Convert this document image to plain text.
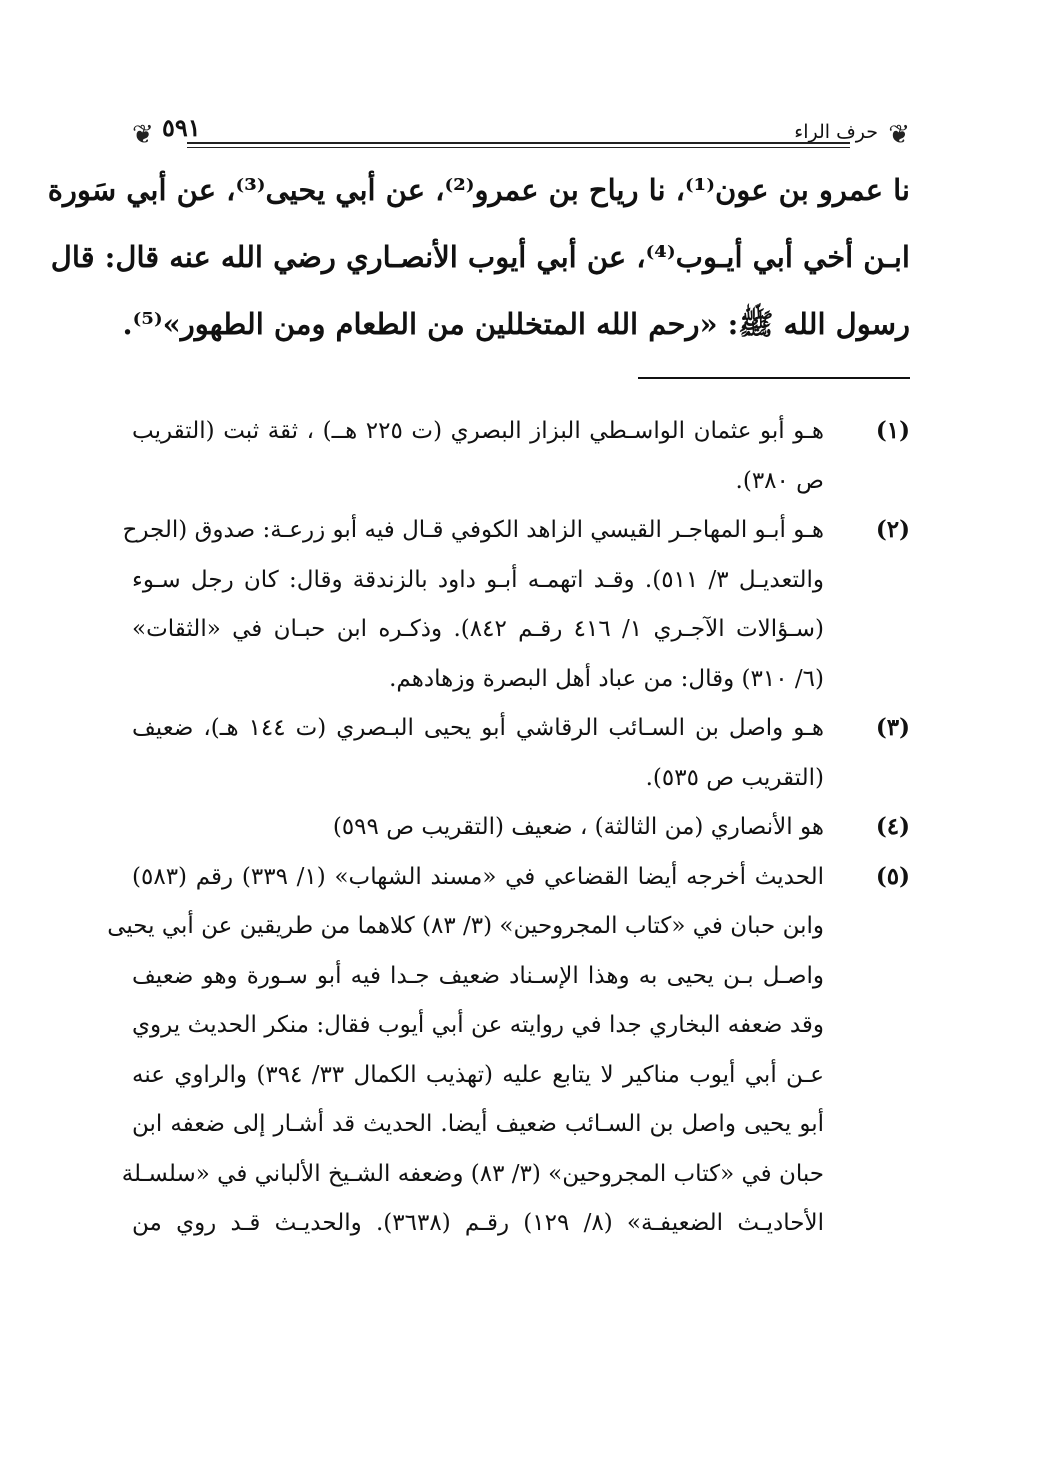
❦
حرف الراء
٥٩١
❦
نا عمرو بن عون⁽¹⁾، نا رياح بن عمرو⁽²⁾، عن أبي يحيى⁽³⁾، عن أبي سَورة
ابـن أخي أبي أيـوب⁽⁴⁾، عن أبي أيوب الأنصـاري رضي الله عنه قال: قال
رسول الله ﷺ: «رحم الله المتخللين من الطعام ومن الطهور»⁽⁵⁾.
(١)
هـو أبو عثمان الواسـطي البزاز البصري (ت ٢٢٥ هــ) ، ثقة ثبت (التقريب
ص ٣٨٠).
(٢)
هـو أبـو المهاجـر القيسي الزاهد الكوفي قـال فيه أبو زرعـة: صدوق (الجرح
والتعديـل ٣/ ٥١١). وقـد اتهمـه أبـو داود بالزندقة وقال: كان رجل سـوء
(سـؤالات الآجـري ١/ ٤١٦ رقـم ٨٤٢). وذكـره ابن حبـان في «الثقات»
(٦/ ٣١٠) وقال: من عباد أهل البصرة وزهادهم.
(٣)
هـو واصل بن السـائب الرقاشي أبو يحيى البـصري (ت ١٤٤ هـ)، ضعيف
(التقريب ص ٥٣٥).
(٤)
هو الأنصاري (من الثالثة) ، ضعيف (التقريب ص ٥٩٩)
(٥)
الحديث أخرجه أيضا القضاعي في «مسند الشهاب» (١/ ٣٣٩) رقم (٥٨٣)
وابن حبان في «كتاب المجروحين» (٣/ ٨٣) كلاهما من طريقين عن أبي يحيى
واصـل بـن يحيى به وهذا الإسـناد ضعيف جـدا فيه أبو سـورة وهو ضعيف
وقد ضعفه البخاري جدا في روايته عن أبي أيوب فقال: منكر الحديث يروي
عـن أبي أيوب مناكير لا يتابع عليه (تهذيب الكمال ٣٣/ ٣٩٤) والراوي عنه
أبو يحيى واصل بن السـائب ضعيف أيضا. الحديث قد أشـار إلى ضعفه ابن
حبان في «كتاب المجروحين» (٣/ ٨٣) وضعفه الشـيخ الألباني في «سلسـلة
الأحاديـث الضعيفـة» (٨/ ١٢٩) رقـم (٣٦٣٨). والحديـث قـد روي من
